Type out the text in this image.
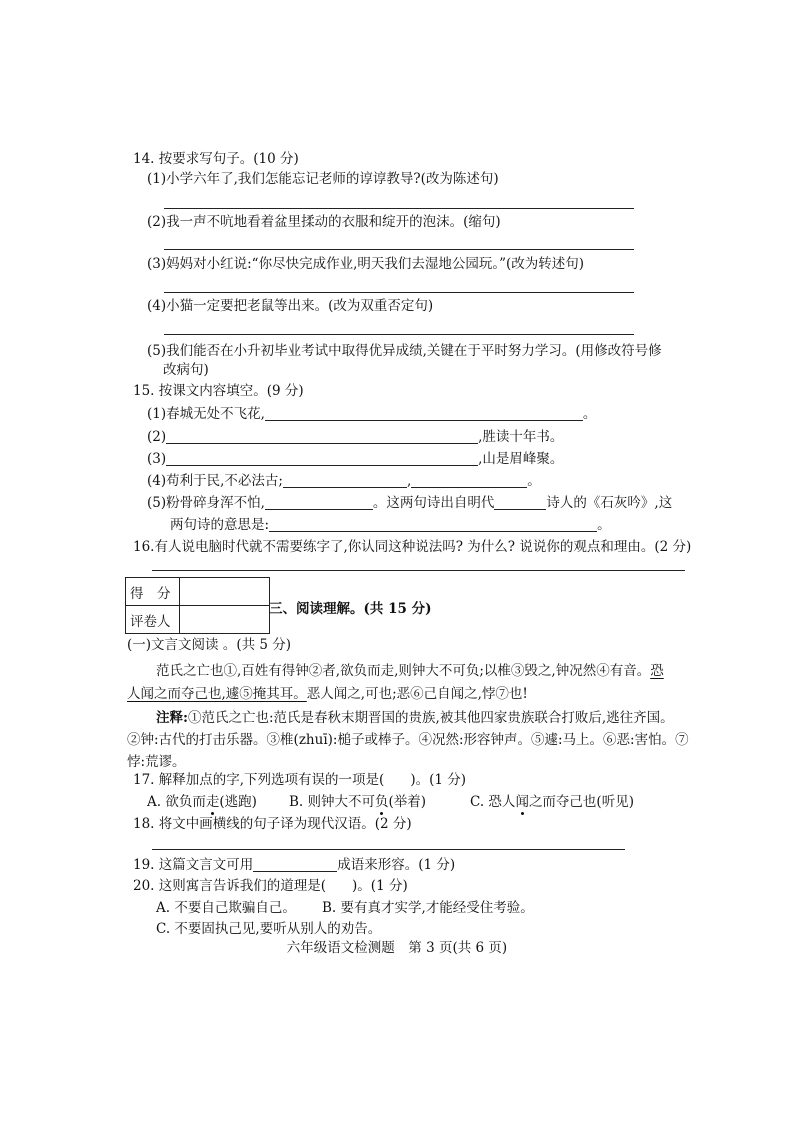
14. 按要求写句子。(10 分)
(1)小学六年了,我们怎能忘记老师的谆谆教导?(改为陈述句)
(2)我一声不吭地看着盆里揉动的衣服和绽开的泡沫。(缩句)
(3)妈妈对小红说:“你尽快完成作业,明天我们去湿地公园玩。”(改为转述句)
(4)小猫一定要把老鼠等出来。(改为双重否定句)
(5)我们能否在小升初毕业考试中取得优异成绩,关键在于平时努力学习。(用修改符号修
改病句)
15. 按课文内容填空。(9 分)
(1)春城无处不飞花,	。
(2)	,胜读十年书。
(3)	,山是眉峰聚。
(4)苟利于民,不必法古;	,	。
(5)粉骨碎身浑不怕,	。这两句诗出自明代	诗人的《石灰吟》,这
两句诗的意思是:	。
16.有人说电脑时代就不需要练字了,你认同这种说法吗? 为什么? 说说你的观点和理由。(2 分)
得　分	
评卷人	
三、阅读理解。(共 15 分)
(一)文言文阅读 。(共 5 分)
范氏之亡也①,百姓有得钟②者,欲负而走,则钟大不可负;以椎③毁之,钟况然④有音。恐
人闻之而夺己也,遽⑤掩其耳。恶人闻之,可也;恶⑥己自闻之,悖⑦也!
注释:①范氏之亡也:范氏是春秋末期晋国的贵族,被其他四家贵族联合打败后,逃往齐国。
②钟:古代的打击乐器。③椎(zhuī):槌子或棒子。④况然:形容钟声。⑤遽:马上。⑥恶:害怕。⑦
悖:荒谬。
17. 解释加点的字,下列选项有误的一项是( )。(1 分)
A. 欲负而走(逃跑) B. 则钟大不可负(举着)	C. 恐人闻之而夺己也(听见)
18. 将文中画横线的句子译为现代汉语。(2 分)
19. 这篇文言文可用	成语来形容。(1 分)
20. 这则寓言告诉我们的道理是( )。(1 分)
A. 不要自己欺骗自己。 B. 要有真才实学,才能经受住考验。
C. 不要固执己见,要听从别人的劝告。
六年级语文检测题　第 3 页(共 6 页)
